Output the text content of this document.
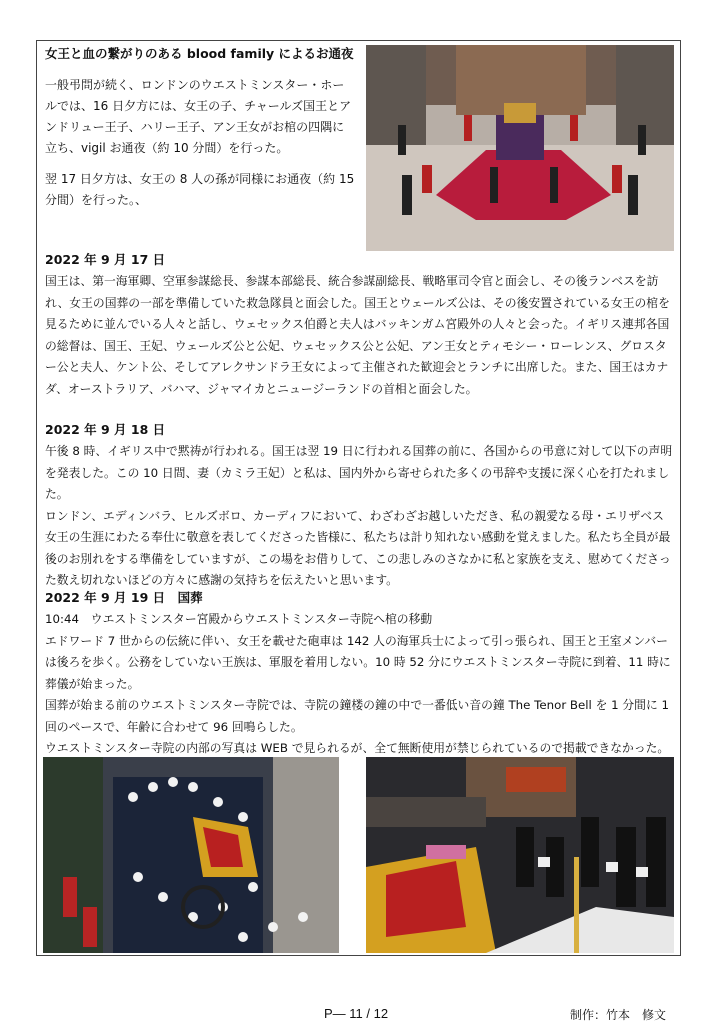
女王と血の繋がりのある blood family によるお通夜

一般弔問が続く、ロンドンのウエストミンスター・ホールでは、16 日夕方には、女王の子、チャールズ国王とアンドリュー王子、ハリー王子、アン王女がお棺の四隅に立ち、vigil お通夜（約 10 分間）を行った。

翌 17 日夕方は、女王の 8 人の孫が同様にお通夜（約 15 分間）を行った。、

2022 年 9 月 17 日

国王は、第一海軍卿、空軍参謀総長、参謀本部総長、統合参謀副総長、戦略軍司令官と面会し、その後ランベスを訪れ、女王の国葬の一部を準備していた救急隊員と面会した。国王とウェールズ公は、その後安置されている女王の棺を見るために並んでいる人々と話し、ウェセックス伯爵と夫人はバッキンガム宮殿外の人々と会った。イギリス連邦各国の総督は、国王、王妃、ウェールズ公と公妃、ウェセックス公と公妃、アン王女とティモシー・ローレンス、グロスター公と夫人、ケント公、そしてアレクサンドラ王女によって主催された歓迎会とランチに出席した。また、国王はカナダ、オーストラリア、バハマ、ジャマイカとニュージーランドの首相と面会した。

2022 年 9 月 18 日

午後 8 時、イギリス中で黙祷が行われる。国王は翌 19 日に行われる国葬の前に、各国からの弔意に対して以下の声明を発表した。この 10 日間、妻（カミラ王妃）と私は、国内外から寄せられた多くの弔辞や支援に深く心を打たれました。

ロンドン、エディンバラ、ヒルズボロ、カーディフにおいて、わざわざお越しいただき、私の親愛なる母・エリザベス女王の生涯にわたる奉仕に敬意を表してくださった皆様に、私たちは計り知れない感動を覚えました。私たち全員が最後のお別れをする準備をしていますが、この場をお借りして、この悲しみのさなかに私と家族を支え、慰めてくださった数え切れないほどの方々に感謝の気持ちを伝えたいと思います。

2022 年 9 月 19 日　国葬

10:44　ウエストミンスター宮殿からウエストミンスター寺院へ棺の移動

エドワード 7 世からの伝統に伴い、女王を載せた砲車は 142 人の海軍兵士によって引っ張られ、国王と王室メンバーは後ろを歩く。公務をしていない王族は、軍服を着用しない。10 時 52 分にウエストミンスター寺院に到着、11 時に葬儀が始まった。

国葬が始まる前のウエストミンスター寺院では、寺院の鐘楼の鐘の中で一番低い音の鐘 The Tenor Bell を 1 分間に 1 回のペースで、年齢に合わせて 96 回鳴らした。

ウエストミンスター寺院の内部の写真は WEB で見られるが、全て無断使用が禁じられているので掲載できなかった。

P― 11 / 12	制作：竹本　修文
